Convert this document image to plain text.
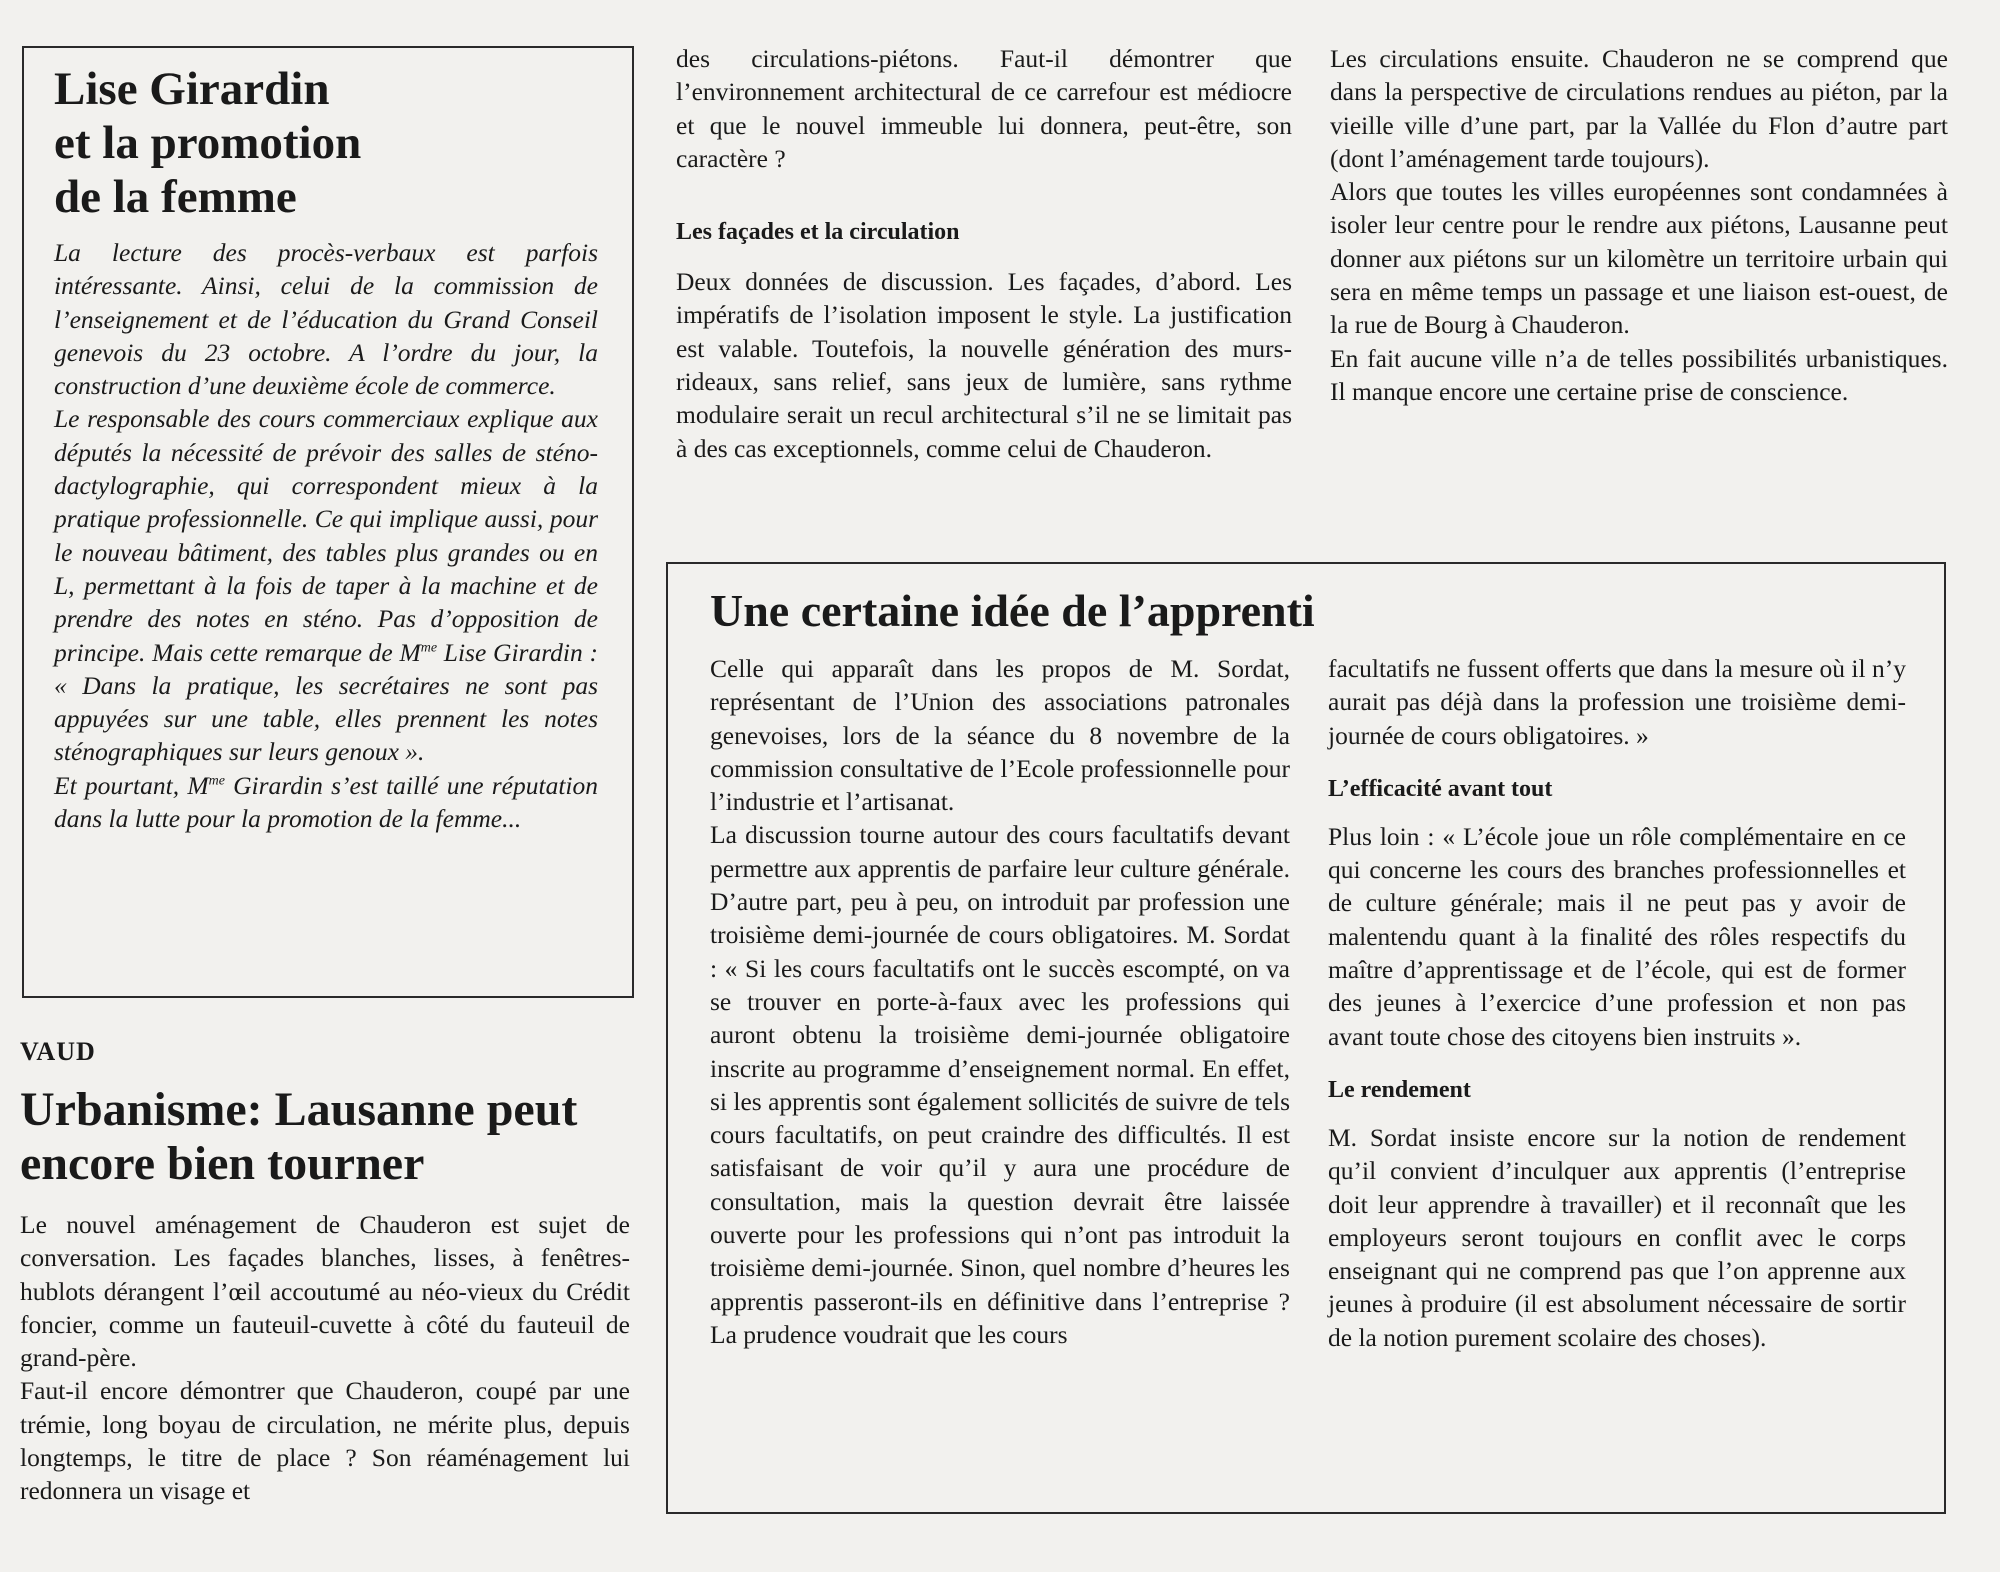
Lise Girardin
et la promotion
de la femme

La lecture des procès-verbaux est parfois intéressante. Ainsi, celui de la commission de l’enseignement et de l’éducation du Grand Conseil genevois du 23 octobre. A l’ordre du jour, la construction d’une deuxième école de commerce.

Le responsable des cours commerciaux explique aux députés la nécessité de prévoir des salles de sténo-dactylographie, qui correspondent mieux à la pratique professionnelle. Ce qui implique aussi, pour le nouveau bâtiment, des tables plus grandes ou en L, permettant à la fois de taper à la machine et de prendre des notes en sténo. Pas d’opposition de principe. Mais cette remarque de $M^{me}$ Lise Girardin : « Dans la pratique, les secrétaires ne sont pas appuyées sur une table, elles prennent les notes sténographiques sur leurs genoux ».

Et pourtant, $M^{me}$ Girardin s’est taillé une réputation dans la lutte pour la promotion de la femme...

VAUD
Urbanisme: Lausanne peut
encore bien tourner

Le nouvel aménagement de Chauderon est sujet de conversation. Les façades blanches, lisses, à fenêtres-hublots dérangent l’œil accoutumé au néo-vieux du Crédit foncier, comme un fauteuil-cuvette à côté du fauteuil de grand-père.

Faut-il encore démontrer que Chauderon, coupé par une trémie, long boyau de circulation, ne mérite plus, depuis longtemps, le titre de place ? Son réaménagement lui redonnera un visage et

des circulations-piétons. Faut-il démontrer que l’environnement architectural de ce carrefour est médiocre et que le nouvel immeuble lui donnera, peut-être, son caractère ?

Les façades et la circulation

Deux données de discussion. Les façades, d’abord. Les impératifs de l’isolation imposent le style. La justification est valable. Toutefois, la nouvelle génération des murs-rideaux, sans relief, sans jeux de lumière, sans rythme modulaire serait un recul architectural s’il ne se limitait pas à des cas exceptionnels, comme celui de Chauderon.

Les circulations ensuite. Chauderon ne se comprend que dans la perspective de circulations rendues au piéton, par la vieille ville d’une part, par la Vallée du Flon d’autre part (dont l’aménagement tarde toujours).

Alors que toutes les villes européennes sont condamnées à isoler leur centre pour le rendre aux piétons, Lausanne peut donner aux piétons sur un kilomètre un territoire urbain qui sera en même temps un passage et une liaison est-ouest, de la rue de Bourg à Chauderon.

En fait aucune ville n’a de telles possibilités urbanistiques. Il manque encore une certaine prise de conscience.

Une certaine idée de l’apprenti

Celle qui apparaît dans les propos de M. Sordat, représentant de l’Union des associations patronales genevoises, lors de la séance du 8 novembre de la commission consultative de l’Ecole professionnelle pour l’industrie et l’artisanat.

La discussion tourne autour des cours facultatifs devant permettre aux apprentis de parfaire leur culture générale. D’autre part, peu à peu, on introduit par profession une troisième demi-journée de cours obligatoires. M. Sordat : « Si les cours facultatifs ont le succès escompté, on va se trouver en porte-à-faux avec les professions qui auront obtenu la troisième demi-journée obligatoire inscrite au programme d’enseignement normal. En effet, si les apprentis sont également sollicités de suivre de tels cours facultatifs, on peut craindre des difficultés. Il est satisfaisant de voir qu’il y aura une procédure de consultation, mais la question devrait être laissée ouverte pour les professions qui n’ont pas introduit la troisième demi-journée. Sinon, quel nombre d’heures les apprentis passeront-ils en définitive dans l’entreprise ? La prudence voudrait que les cours

facultatifs ne fussent offerts que dans la mesure où il n’y aurait pas déjà dans la profession une troisième demi-journée de cours obligatoires. »

L’efficacité avant tout

Plus loin : « L’école joue un rôle complémentaire en ce qui concerne les cours des branches professionnelles et de culture générale; mais il ne peut pas y avoir de malentendu quant à la finalité des rôles respectifs du maître d’apprentissage et de l’école, qui est de former des jeunes à l’exercice d’une profession et non pas avant toute chose des citoyens bien instruits ».

Le rendement

M. Sordat insiste encore sur la notion de rendement qu’il convient d’inculquer aux apprentis (l’entreprise doit leur apprendre à travailler) et il reconnaît que les employeurs seront toujours en conflit avec le corps enseignant qui ne comprend pas que l’on apprenne aux jeunes à produire (il est absolument nécessaire de sortir de la notion purement scolaire des choses).
